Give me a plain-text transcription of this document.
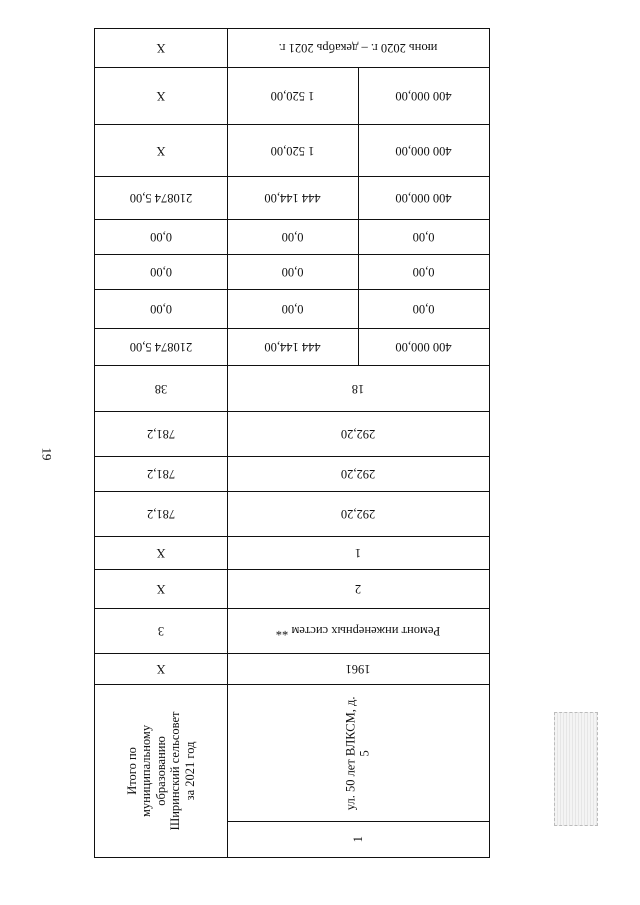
19
X	июнь 2020 г. – декабрь 2021 г.
X	1 520,00	400 000,00
X	1 520,00	400 000,00
210874 5,00	444 144,00	400 000,00
0,00	0,00	0,00
0,00	0,00	0,00
0,00	0,00	0,00
210874 5,00	444 144,00	400 000,00
38	18
781,2	292,20
781,2	292,20
781,2	292,20
X	1
X	2
3	Ремонт инженерных систем **
X	1961
Итого по муниципальному образованию Ширинский сельсовет за 2021 год	ул. 50 лет ВЛКСМ, д. 5
1
